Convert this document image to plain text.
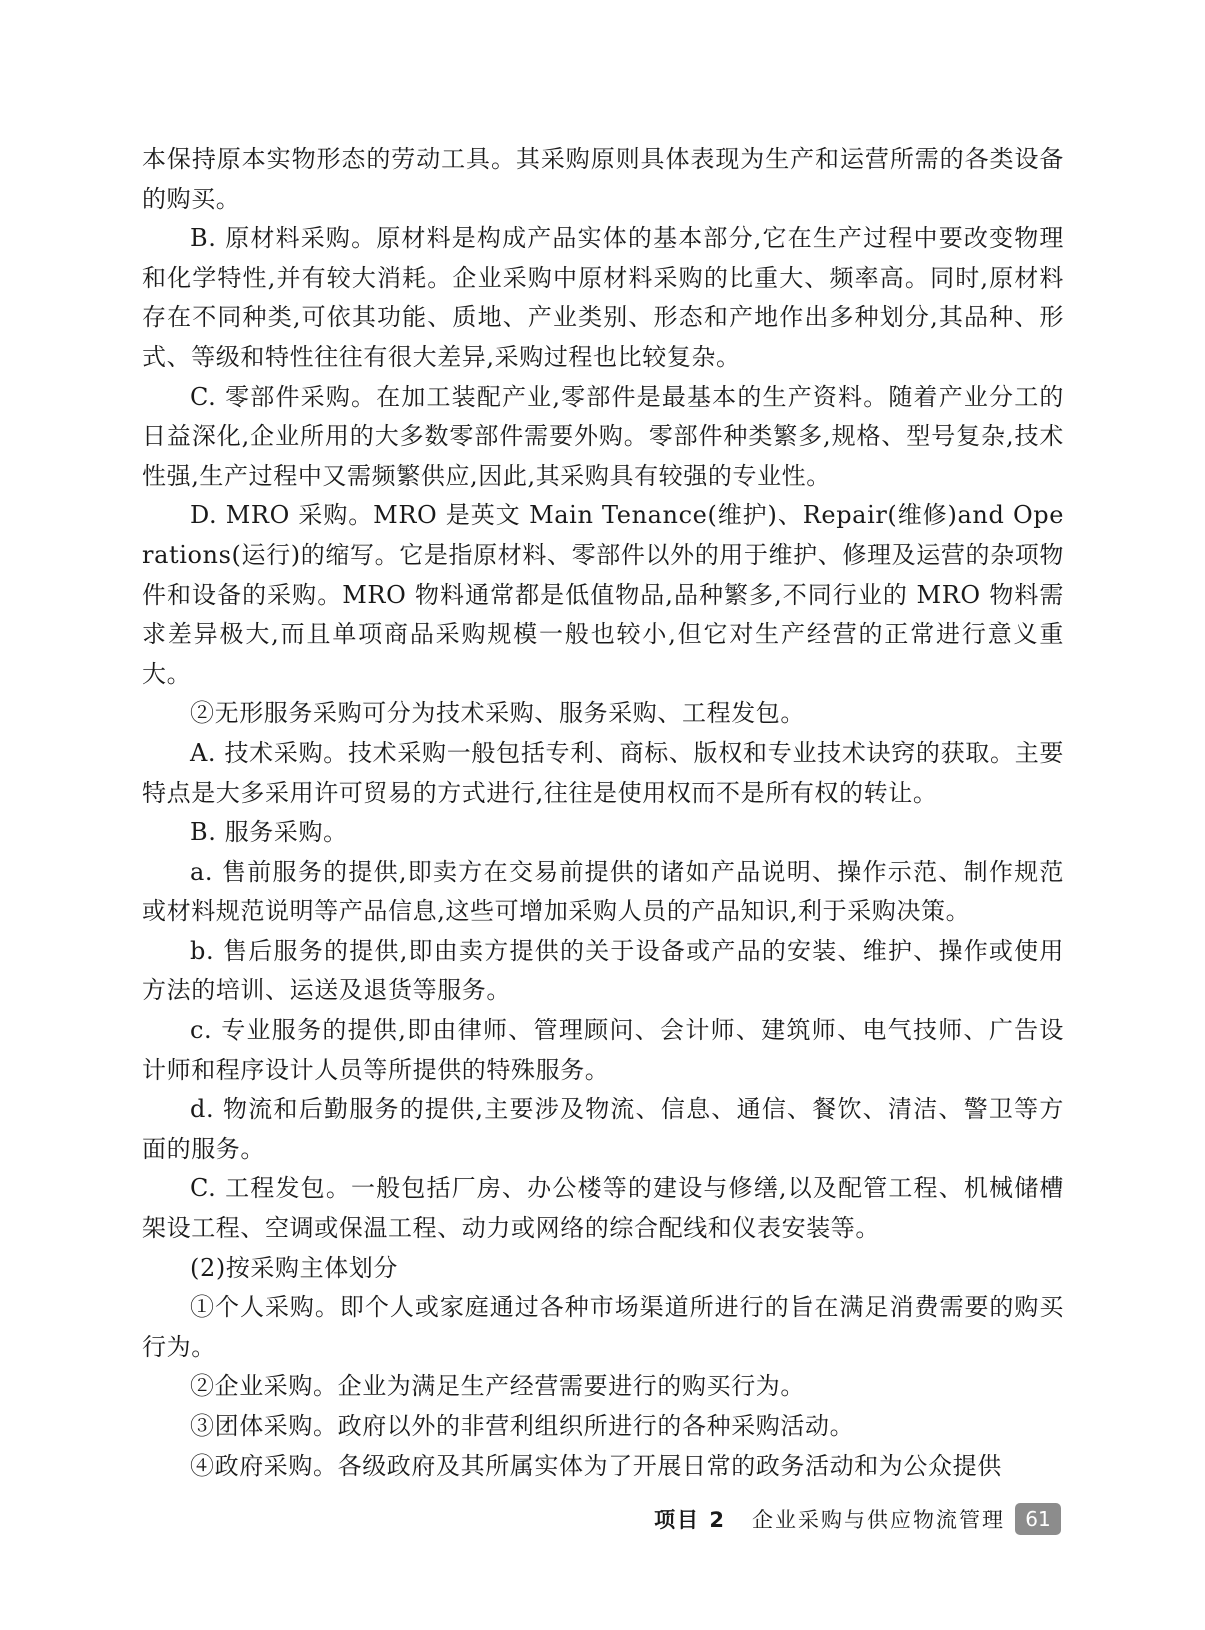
本保持原本实物形态的劳动工具。其采购原则具体表现为生产和运营所需的各类设备的购买。

B. 原材料采购。原材料是构成产品实体的基本部分,它在生产过程中要改变物理和化学特性,并有较大消耗。企业采购中原材料采购的比重大、频率高。同时,原材料存在不同种类,可依其功能、质地、产业类别、形态和产地作出多种划分,其品种、形式、等级和特性往往有很大差异,采购过程也比较复杂。

C. 零部件采购。在加工装配产业,零部件是最基本的生产资料。随着产业分工的日益深化,企业所用的大多数零部件需要外购。零部件种类繁多,规格、型号复杂,技术性强,生产过程中又需频繁供应,因此,其采购具有较强的专业性。

D. MRO 采购。MRO 是英文 Main Tenance(维护)、Repair(维修)and Operations(运行)的缩写。它是指原材料、零部件以外的用于维护、修理及运营的杂项物件和设备的采购。MRO 物料通常都是低值物品,品种繁多,不同行业的 MRO 物料需求差异极大,而且单项商品采购规模一般也较小,但它对生产经营的正常进行意义重大。

②无形服务采购可分为技术采购、服务采购、工程发包。

A. 技术采购。技术采购一般包括专利、商标、版权和专业技术诀窍的获取。主要特点是大多采用许可贸易的方式进行,往往是使用权而不是所有权的转让。

B. 服务采购。

a. 售前服务的提供,即卖方在交易前提供的诸如产品说明、操作示范、制作规范或材料规范说明等产品信息,这些可增加采购人员的产品知识,利于采购决策。

b. 售后服务的提供,即由卖方提供的关于设备或产品的安装、维护、操作或使用方法的培训、运送及退货等服务。

c. 专业服务的提供,即由律师、管理顾问、会计师、建筑师、电气技师、广告设计师和程序设计人员等所提供的特殊服务。

d. 物流和后勤服务的提供,主要涉及物流、信息、通信、餐饮、清洁、警卫等方面的服务。

C. 工程发包。一般包括厂房、办公楼等的建设与修缮,以及配管工程、机械储槽架设工程、空调或保温工程、动力或网络的综合配线和仪表安装等。

(2)按采购主体划分

①个人采购。即个人或家庭通过各种市场渠道所进行的旨在满足消费需要的购买行为。

②企业采购。企业为满足生产经营需要进行的购买行为。

③团体采购。政府以外的非营利组织所进行的各种采购活动。

④政府采购。各级政府及其所属实体为了开展日常的政务活动和为公众提供

项目 2 企业采购与供应物流管理	61
